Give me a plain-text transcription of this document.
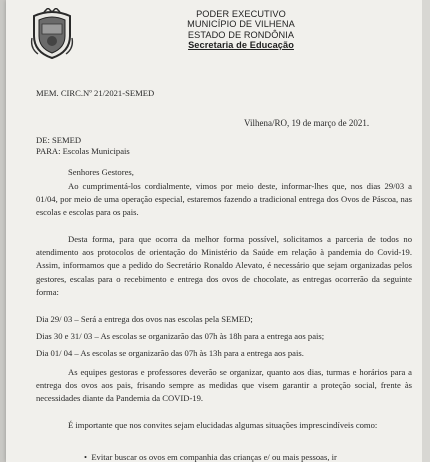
PODER EXECUTIVO
MUNICÍPIO DE VILHENA
ESTADO DE RONDÔNIA
Secretaria de Educação
MEM. CIRC.Nº 21/2021-SEMED
Vilhena/RO, 19 de março de 2021.
DE: SEMED
PARA: Escolas Municipais
Senhores Gestores,
Ao cumprimentá-los cordialmente, vimos por meio deste, informar-lhes que, nos dias 29/03 a 01/04, por meio de uma operação especial, estaremos fazendo a tradicional entrega dos Ovos de Páscoa, nas escolas e escolas para os pais.
Desta forma, para que ocorra da melhor forma possível, solicitamos a parceria de todos no atendimento aos protocolos de orientação do Ministério da Saúde em relação à pandemia do Covid-19. Assim, informamos que a pedido do Secretário Ronaldo Alevato, é necessário que sejam organizadas pelos gestores, escalas para o recebimento e entrega dos ovos de chocolate, as entregas ocorrerão da seguinte forma:
Dia 29/ 03 – Será a entrega dos ovos nas escolas pela SEMED;
Dias 30 e 31/ 03 – As escolas se organizarão das 07h às 18h para a entrega aos pais;
Dia 01/ 04 – As escolas se organizarão das 07h às 13h para a entrega aos pais.
As equipes gestoras e professores deverão se organizar, quanto aos dias, turmas e horários para a entrega dos ovos aos pais, frisando sempre as medidas que visem garantir a proteção social, frente às necessidades diante da Pandemia da COVID-19.
É importante que nos convites sejam elucidadas algumas situações imprescindíveis como:
•  Evitar buscar os ovos em companhia das crianças e/ ou mais pessoas, ir
